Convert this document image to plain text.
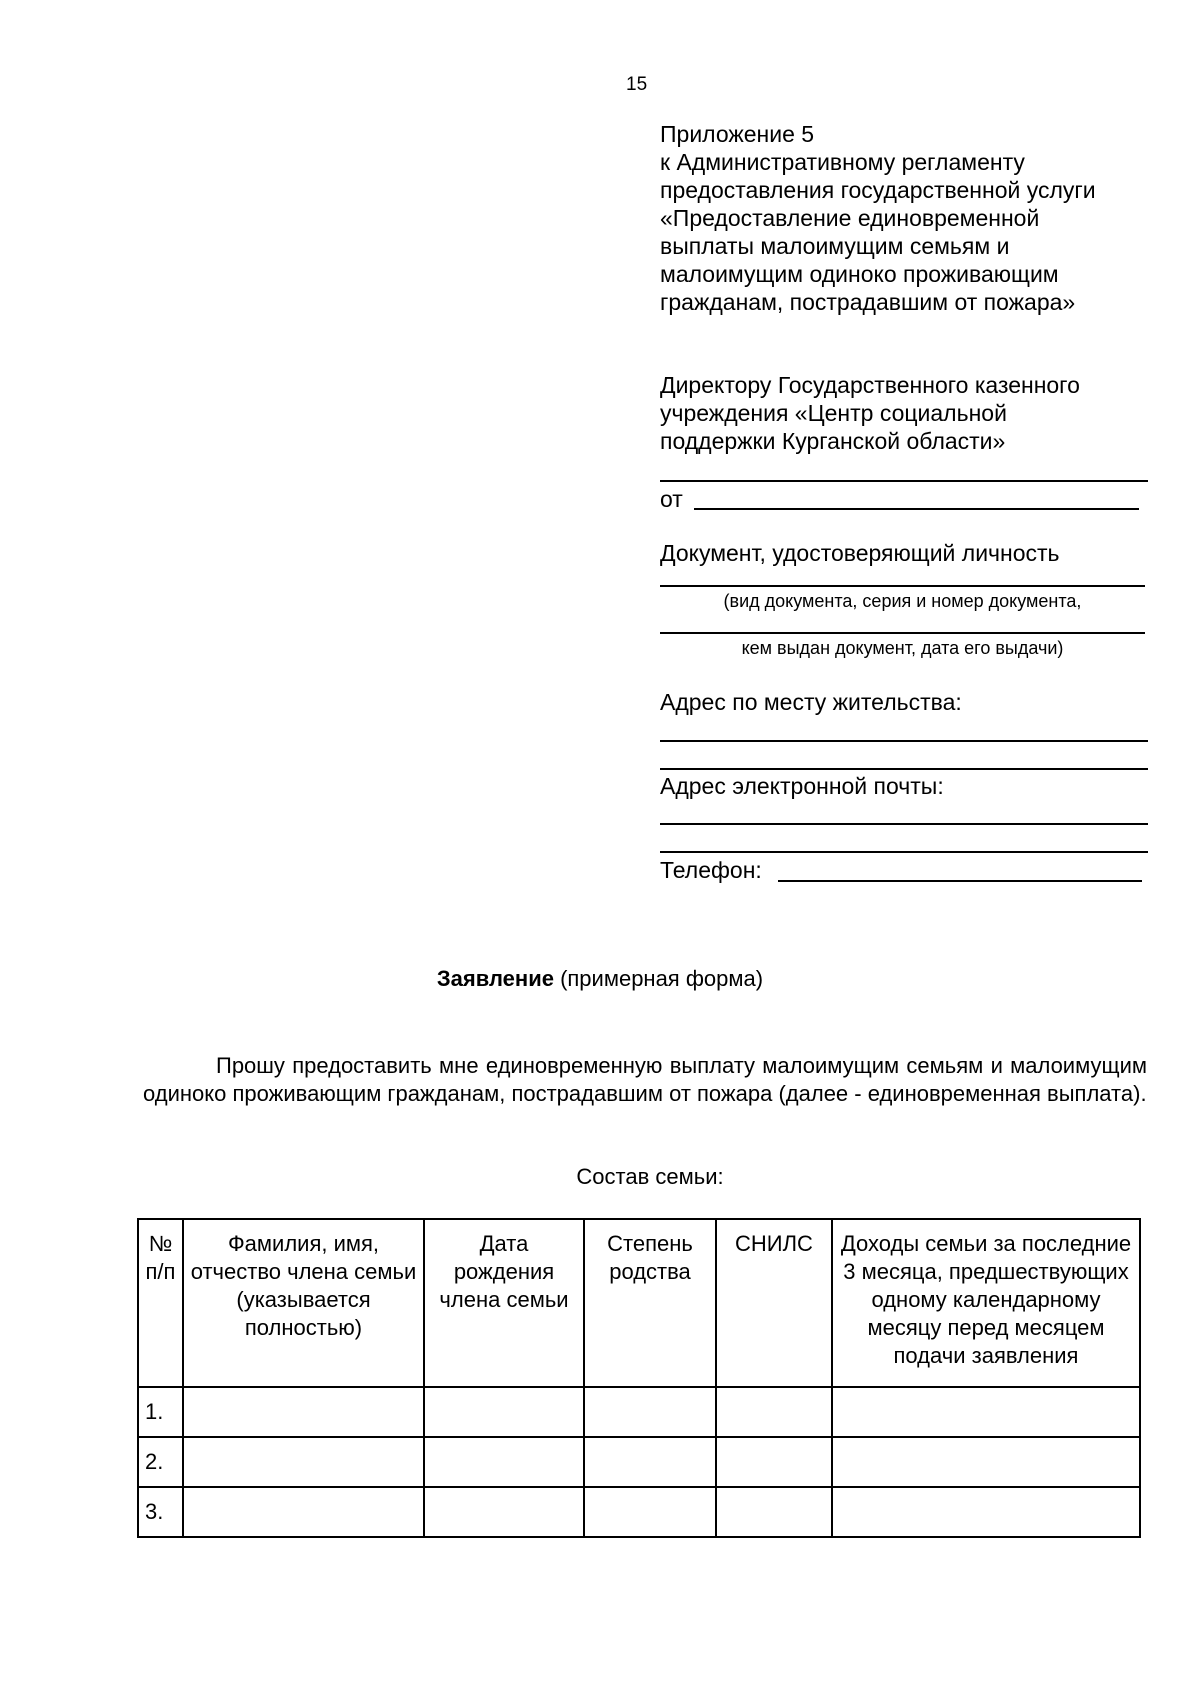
15
Приложение 5
к Административному регламенту
предоставления государственной услуги
«Предоставление единовременной
выплаты малоимущим семьям и
малоимущим одиноко проживающим
гражданам, пострадавшим от пожара»
Директору Государственного казенного
учреждения «Центр социальной
поддержки Курганской области»
от
Документ, удостоверяющий личность
(вид документа, серия и номер документа,
кем выдан документ, дата его выдачи)
Адрес по месту жительства:
Адрес электронной почты:
Телефон:
Заявление (примерная форма)
Прошу предоставить мне единовременную выплату малоимущим семьям и малоимущим одиноко проживающим гражданам, пострадавшим от пожара (далее - единовременная выплата).
Состав семьи:
№ п/п	Фамилия, имя, отчество члена семьи (указывается полностью)	Дата рождения члена семьи	Степень родства	СНИЛС	Доходы семьи за последние 3 месяца, предшествующих одному календарному месяцу перед месяцем подачи заявления
1.					
2.					
3.					
